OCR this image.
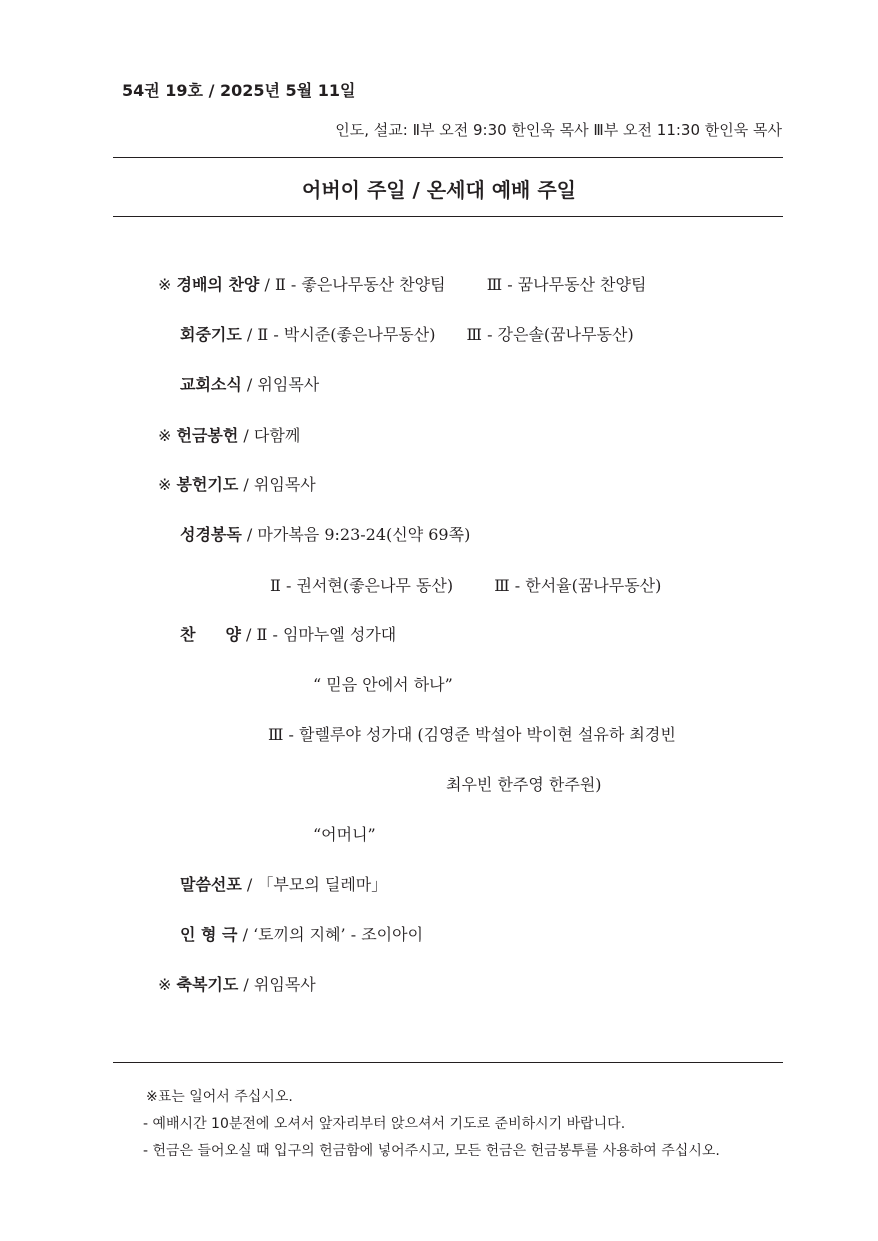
54권 19호 / 2025년 5월 11일
인도, 설교: Ⅱ부 오전 9:30 한인욱 목사 Ⅲ부 오전 11:30 한인욱 목사
어버이 주일 / 온세대 예배 주일
※ 경배의 찬양 / Ⅱ - 좋은나무동산 찬양팀	Ⅲ - 꿈나무동산 찬양팀
회중기도 / Ⅱ - 박시준(좋은나무동산) Ⅲ - 강은솔(꿈나무동산)
교회소식 / 위임목사
※ 헌금봉헌 / 다함께
※ 봉헌기도 / 위임목사
성경봉독 / 마가복음 9:23-24(신약 69쪽)
Ⅱ - 권서현(좋은나무 동산)	Ⅲ - 한서율(꿈나무동산)
찬 양 / Ⅱ - 임마누엘 성가대
“ 믿음 안에서 하나”
Ⅲ - 할렐루야 성가대 (김영준 박설아 박이현 설유하 최경빈
최우빈 한주영 한주원)
“어머니”
말씀선포 / 「부모의 딜레마」
인 형 극 / ‘토끼의 지혜’ - 조이아이
※ 축복기도 / 위임목사
※표는 일어서 주십시오.
- 예배시간 10분전에 오셔서 앞자리부터 앉으셔서 기도로 준비하시기 바랍니다.
- 헌금은 들어오실 때 입구의 헌금함에 넣어주시고, 모든 헌금은 헌금봉투를 사용하여 주십시오.
